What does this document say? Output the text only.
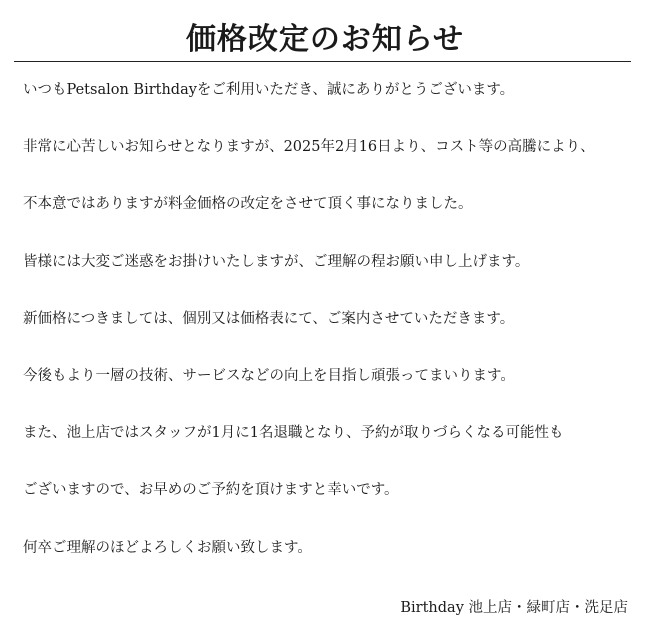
価格改定のお知らせ
いつもPetsalon Birthdayをご利用いただき、誠にありがとうございます。
非常に心苦しいお知らせとなりますが、2025年2月16日より、コスト等の高騰により、
不本意ではありますが料金価格の改定をさせて頂く事になりました。
皆様には大変ご迷惑をお掛けいたしますが、ご理解の程お願い申し上げます。
新価格につきましては、個別又は価格表にて、ご案内させていただきます。
今後もより一層の技術、サービスなどの向上を目指し頑張ってまいります。
また、池上店ではスタッフが1月に1名退職となり、予約が取りづらくなる可能性も
ございますので、お早めのご予約を頂けますと幸いです。
何卒ご理解のほどよろしくお願い致します。
Birthday 池上店・緑町店・洗足店
